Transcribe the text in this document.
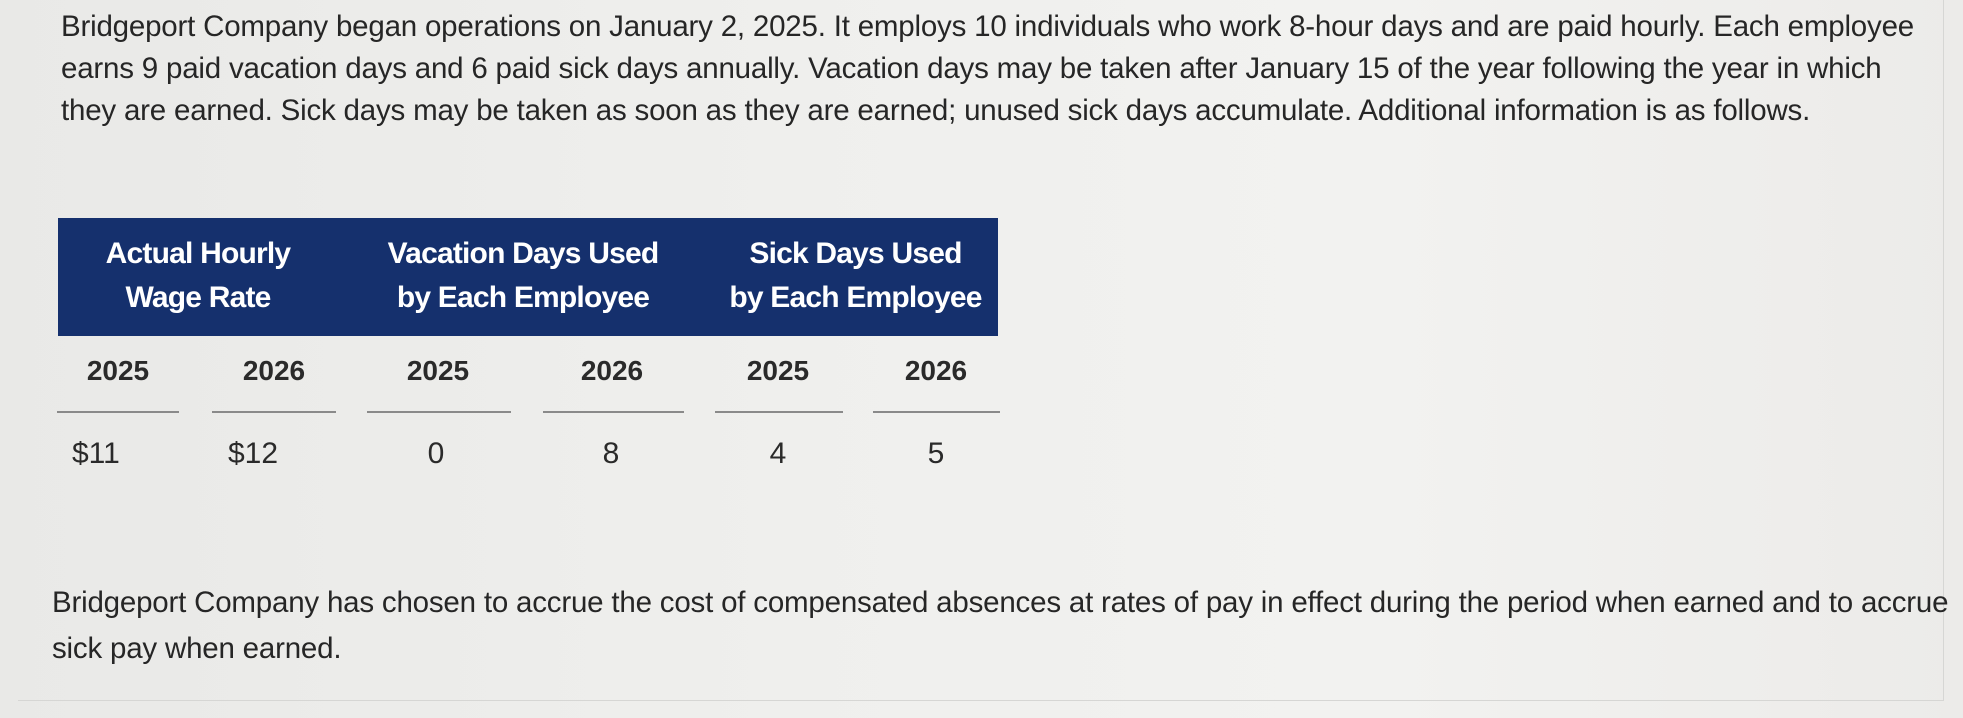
Bridgeport Company began operations on January 2, 2025. It employs 10 individuals who work 8-hour days and are paid hourly. Each employee earns 9 paid vacation days and 6 paid sick days annually. Vacation days may be taken after January 15 of the year following the year in which they are earned. Sick days may be taken as soon as they are earned; unused sick days accumulate. Additional information is as follows.

Actual Hourly
Wage Rate
Vacation Days Used
by Each Employee
Sick Days Used
by Each Employee
2025	2026	2025	2026	2025	2026
$11	$12	0	8	4	5

Bridgeport Company has chosen to accrue the cost of compensated absences at rates of pay in effect during the period when earned and to accrue sick pay when earned.
